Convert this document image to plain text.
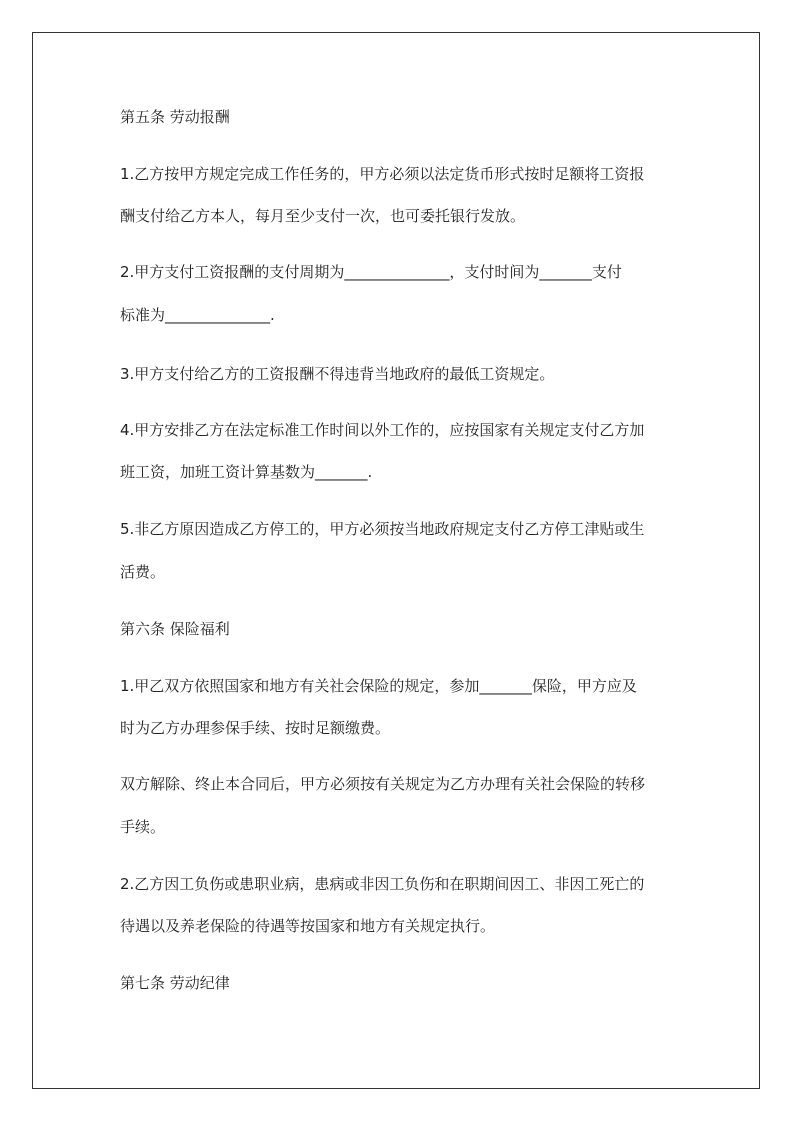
第五条 劳动报酬
1.乙方按甲方规定完成工作任务的，甲方必须以法定货币形式按时足额将工资报
酬支付给乙方本人，每月至少支付一次，也可委托银行发放。
2.甲方支付工资报酬的支付周期为______________，支付时间为_______支付
标准为______________.
3.甲方支付给乙方的工资报酬不得违背当地政府的最低工资规定。
4.甲方安排乙方在法定标准工作时间以外工作的，应按国家有关规定支付乙方加
班工资，加班工资计算基数为_______.
5.非乙方原因造成乙方停工的，甲方必须按当地政府规定支付乙方停工津贴或生
活费。
第六条 保险福利
1.甲乙双方依照国家和地方有关社会保险的规定，参加_______保险，甲方应及
时为乙方办理参保手续、按时足额缴费。
双方解除、终止本合同后，甲方必须按有关规定为乙方办理有关社会保险的转移
手续。
2.乙方因工负伤或患职业病，患病或非因工负伤和在职期间因工、非因工死亡的
待遇以及养老保险的待遇等按国家和地方有关规定执行。
第七条 劳动纪律
